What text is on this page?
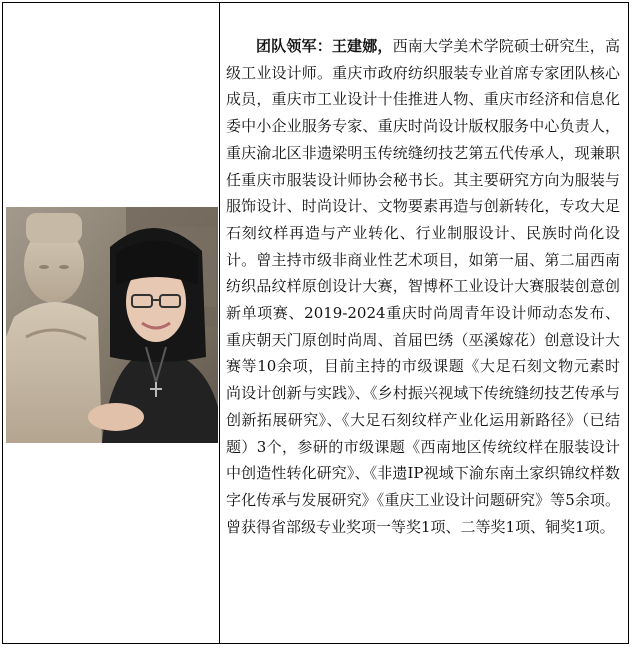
团队领军：王建娜，西南大学美术学院硕士研究生，高级工业设计师。重庆市政府纺织服装专业首席专家团队核心成员，重庆市工业设计十佳推进人物、重庆市经济和信息化委中小企业服务专家、重庆时尚设计版权服务中心负责人，重庆渝北区非遗梁明玉传统缝纫技艺第五代传承人，现兼职任重庆市服装设计师协会秘书长。其主要研究方向为服装与服饰设计、时尚设计、文物要素再造与创新转化，专攻大足石刻纹样再造与产业转化、行业制服设计、民族时尚化设计。曾主持市级非商业性艺术项目，如第一届、第二届西南纺织品纹样原创设计大赛，智博杯工业设计大赛服装创意创新单项赛、2019-2024重庆时尚周青年设计师动态发布、重庆朝天门原创时尚周、首届巴绣（巫溪嫁花）创意设计大赛等10余项，目前主持的市级课题《大足石刻文物元素时尚设计创新与实践》、《乡村振兴视域下传统缝纫技艺传承与创新拓展研究》、《大足石刻纹样产业化运用新路径》（已结题）3个，参研的市级课题《西南地区传统纹样在服装设计中创造性转化研究》、《非遗IP视域下渝东南土家织锦纹样数字化传承与发展研究》《重庆工业设计问题研究》等5余项。曾获得省部级专业奖项一等奖1项、二等奖1项、铜奖1项。
